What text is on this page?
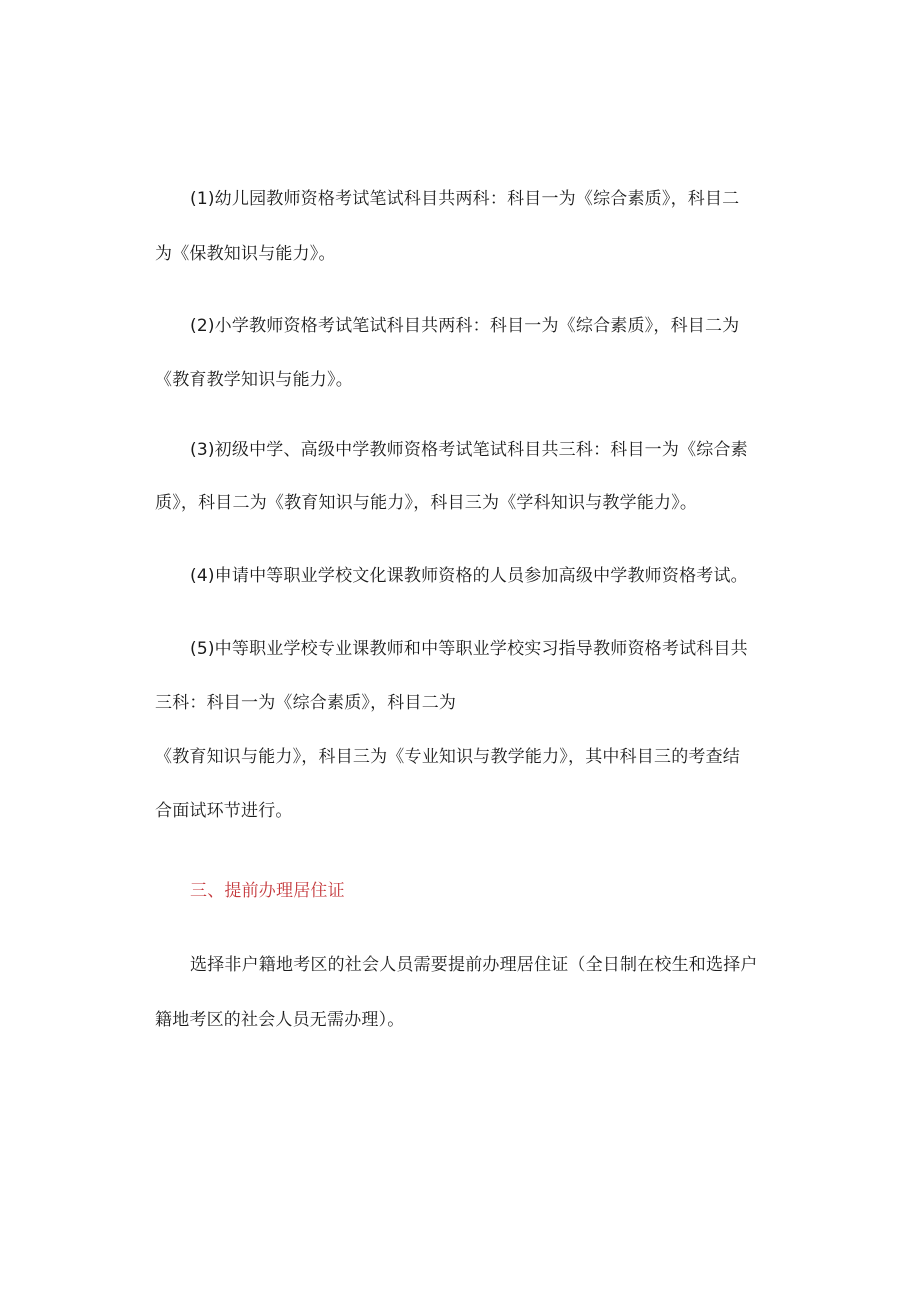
(1)幼儿园教师资格考试笔试科目共两科：科目一为《综合素质》，科目二
为《保教知识与能力》。
(2)小学教师资格考试笔试科目共两科：科目一为《综合素质》，科目二为
《教育教学知识与能力》。
(3)初级中学、高级中学教师资格考试笔试科目共三科：科目一为《综合素
质》，科目二为《教育知识与能力》，科目三为《学科知识与教学能力》。
(4)申请中等职业学校文化课教师资格的人员参加高级中学教师资格考试。
(5)中等职业学校专业课教师和中等职业学校实习指导教师资格考试科目共
三科：科目一为《综合素质》，科目二为
《教育知识与能力》，科目三为《专业知识与教学能力》，其中科目三的考查结
合面试环节进行。
三、提前办理居住证
选择非户籍地考区的社会人员需要提前办理居住证（全日制在校生和选择户
籍地考区的社会人员无需办理）。
